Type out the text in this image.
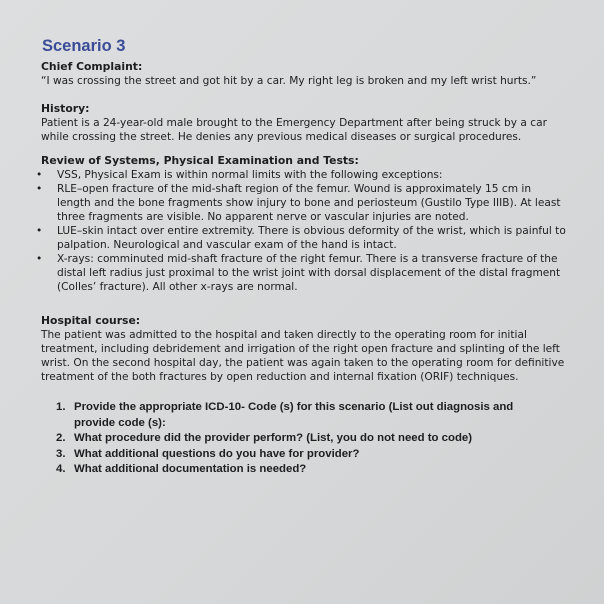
Scenario 3
Chief Complaint:

“I was crossing the street and got hit by a car. My right leg is broken and my left wrist hurts.”

History:

Patient is a 24-year-old male brought to the Emergency Department after being struck by a car while crossing the street. He denies any previous medical diseases or surgical procedures.

Review of Systems, Physical Examination and Tests:
• VSS, Physical Exam is within normal limits with the following exceptions:
• RLE–open fracture of the mid-shaft region of the femur. Wound is approximately 15 cm in length and the bone fragments show injury to bone and periosteum (Gustilo Type IIIB). At least three fragments are visible. No apparent nerve or vascular injuries are noted.
• LUE–skin intact over entire extremity. There is obvious deformity of the wrist, which is painful to palpation. Neurological and vascular exam of the hand is intact.
• X-rays: comminuted mid-shaft fracture of the right femur. There is a transverse fracture of the distal left radius just proximal to the wrist joint with dorsal displacement of the distal fragment (Colles’ fracture). All other x-rays are normal.
Hospital course:

The patient was admitted to the hospital and taken directly to the operating room for initial treatment, including debridement and irrigation of the right open fracture and splinting of the left wrist. On the second hospital day, the patient was again taken to the operating room for definitive treatment of the both fractures by open reduction and internal fixation (ORIF) techniques.

1. Provide the appropriate ICD-10- Code (s) for this scenario (List out diagnosis and provide code (s):
2. What procedure did the provider perform? (List, you do not need to code)
3. What additional questions do you have for provider?
4. What additional documentation is needed?
